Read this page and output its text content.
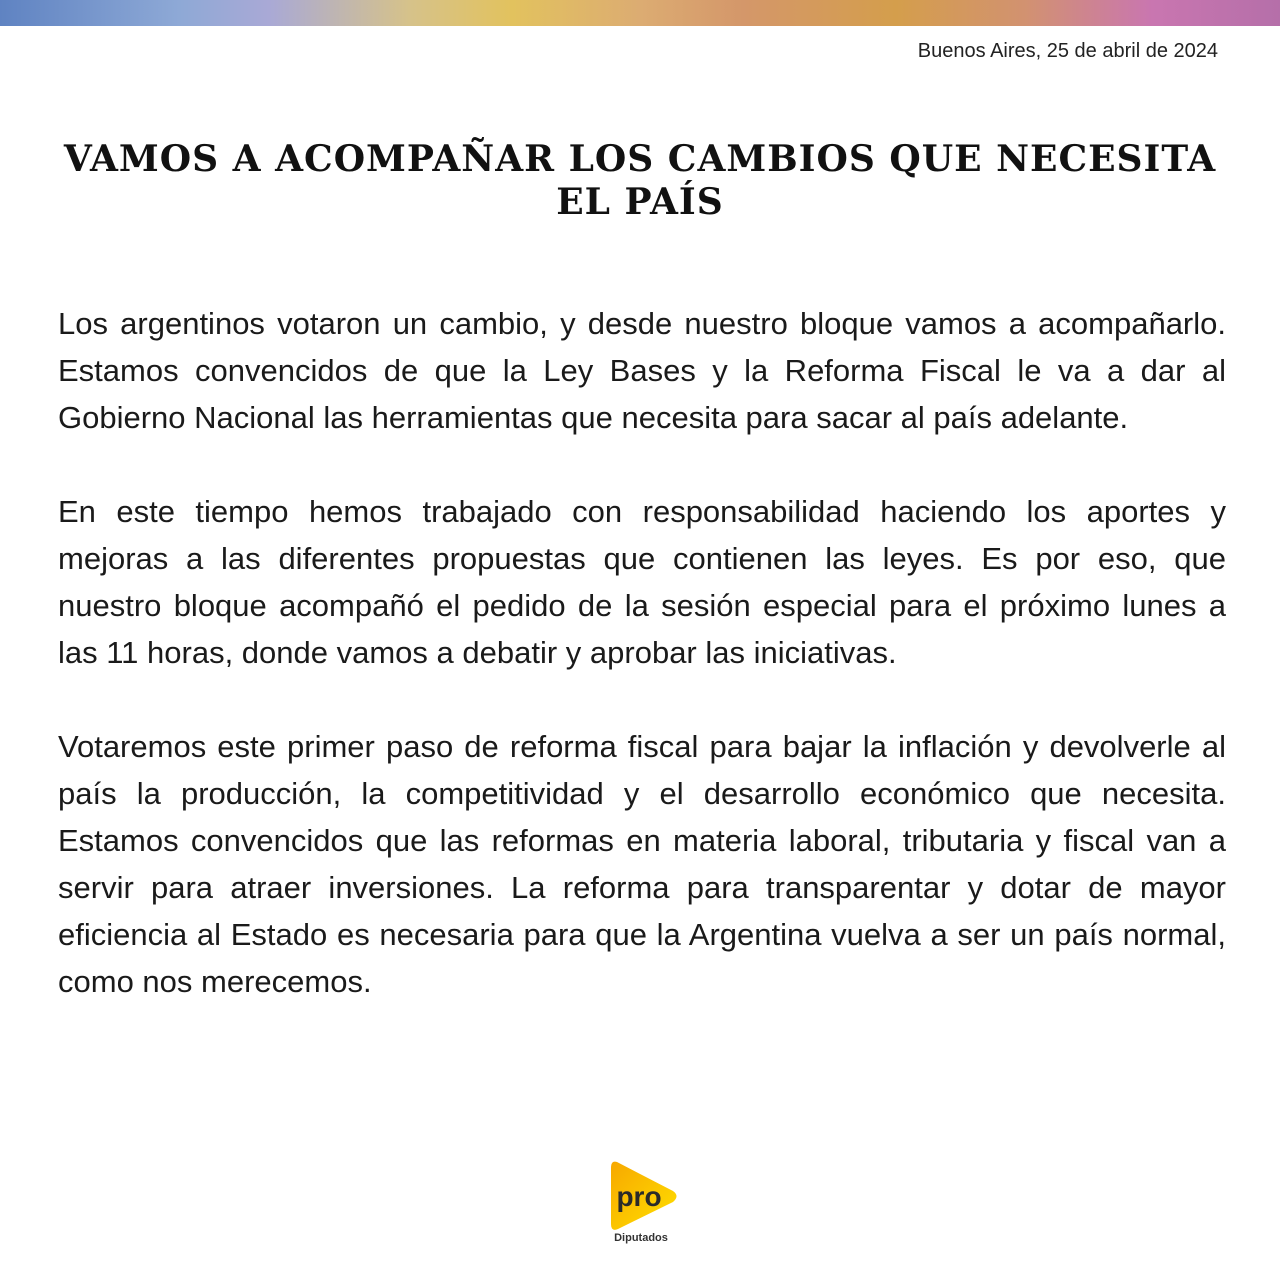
Buenos Aires, 25 de abril de 2024
VAMOS A ACOMPAÑAR LOS CAMBIOS QUE NECESITA EL PAÍS

Los argentinos votaron un cambio, y desde nuestro bloque vamos a acompañarlo. Estamos convencidos de que la Ley Bases y la Reforma Fiscal le va a dar al Gobierno Nacional las herramientas que necesita para sacar al país adelante.

En este tiempo hemos trabajado con responsabilidad haciendo los aportes y mejoras a las diferentes propuestas que contienen las leyes. Es por eso, que nuestro bloque acompañó el pedido de la sesión especial para el próximo lunes a las 11 horas, donde vamos a debatir y aprobar las iniciativas.

Votaremos este primer paso de reforma fiscal para bajar la inflación y devolverle al país la producción, la competitividad y el desarrollo económico que necesita. Estamos convencidos que las reformas en materia laboral, tributaria y fiscal van a servir para atraer inversiones. La reforma para transparentar y dotar de mayor eficiencia al Estado es necesaria para que la Argentina vuelva a ser un país normal, como nos merecemos.

pro
Diputados
